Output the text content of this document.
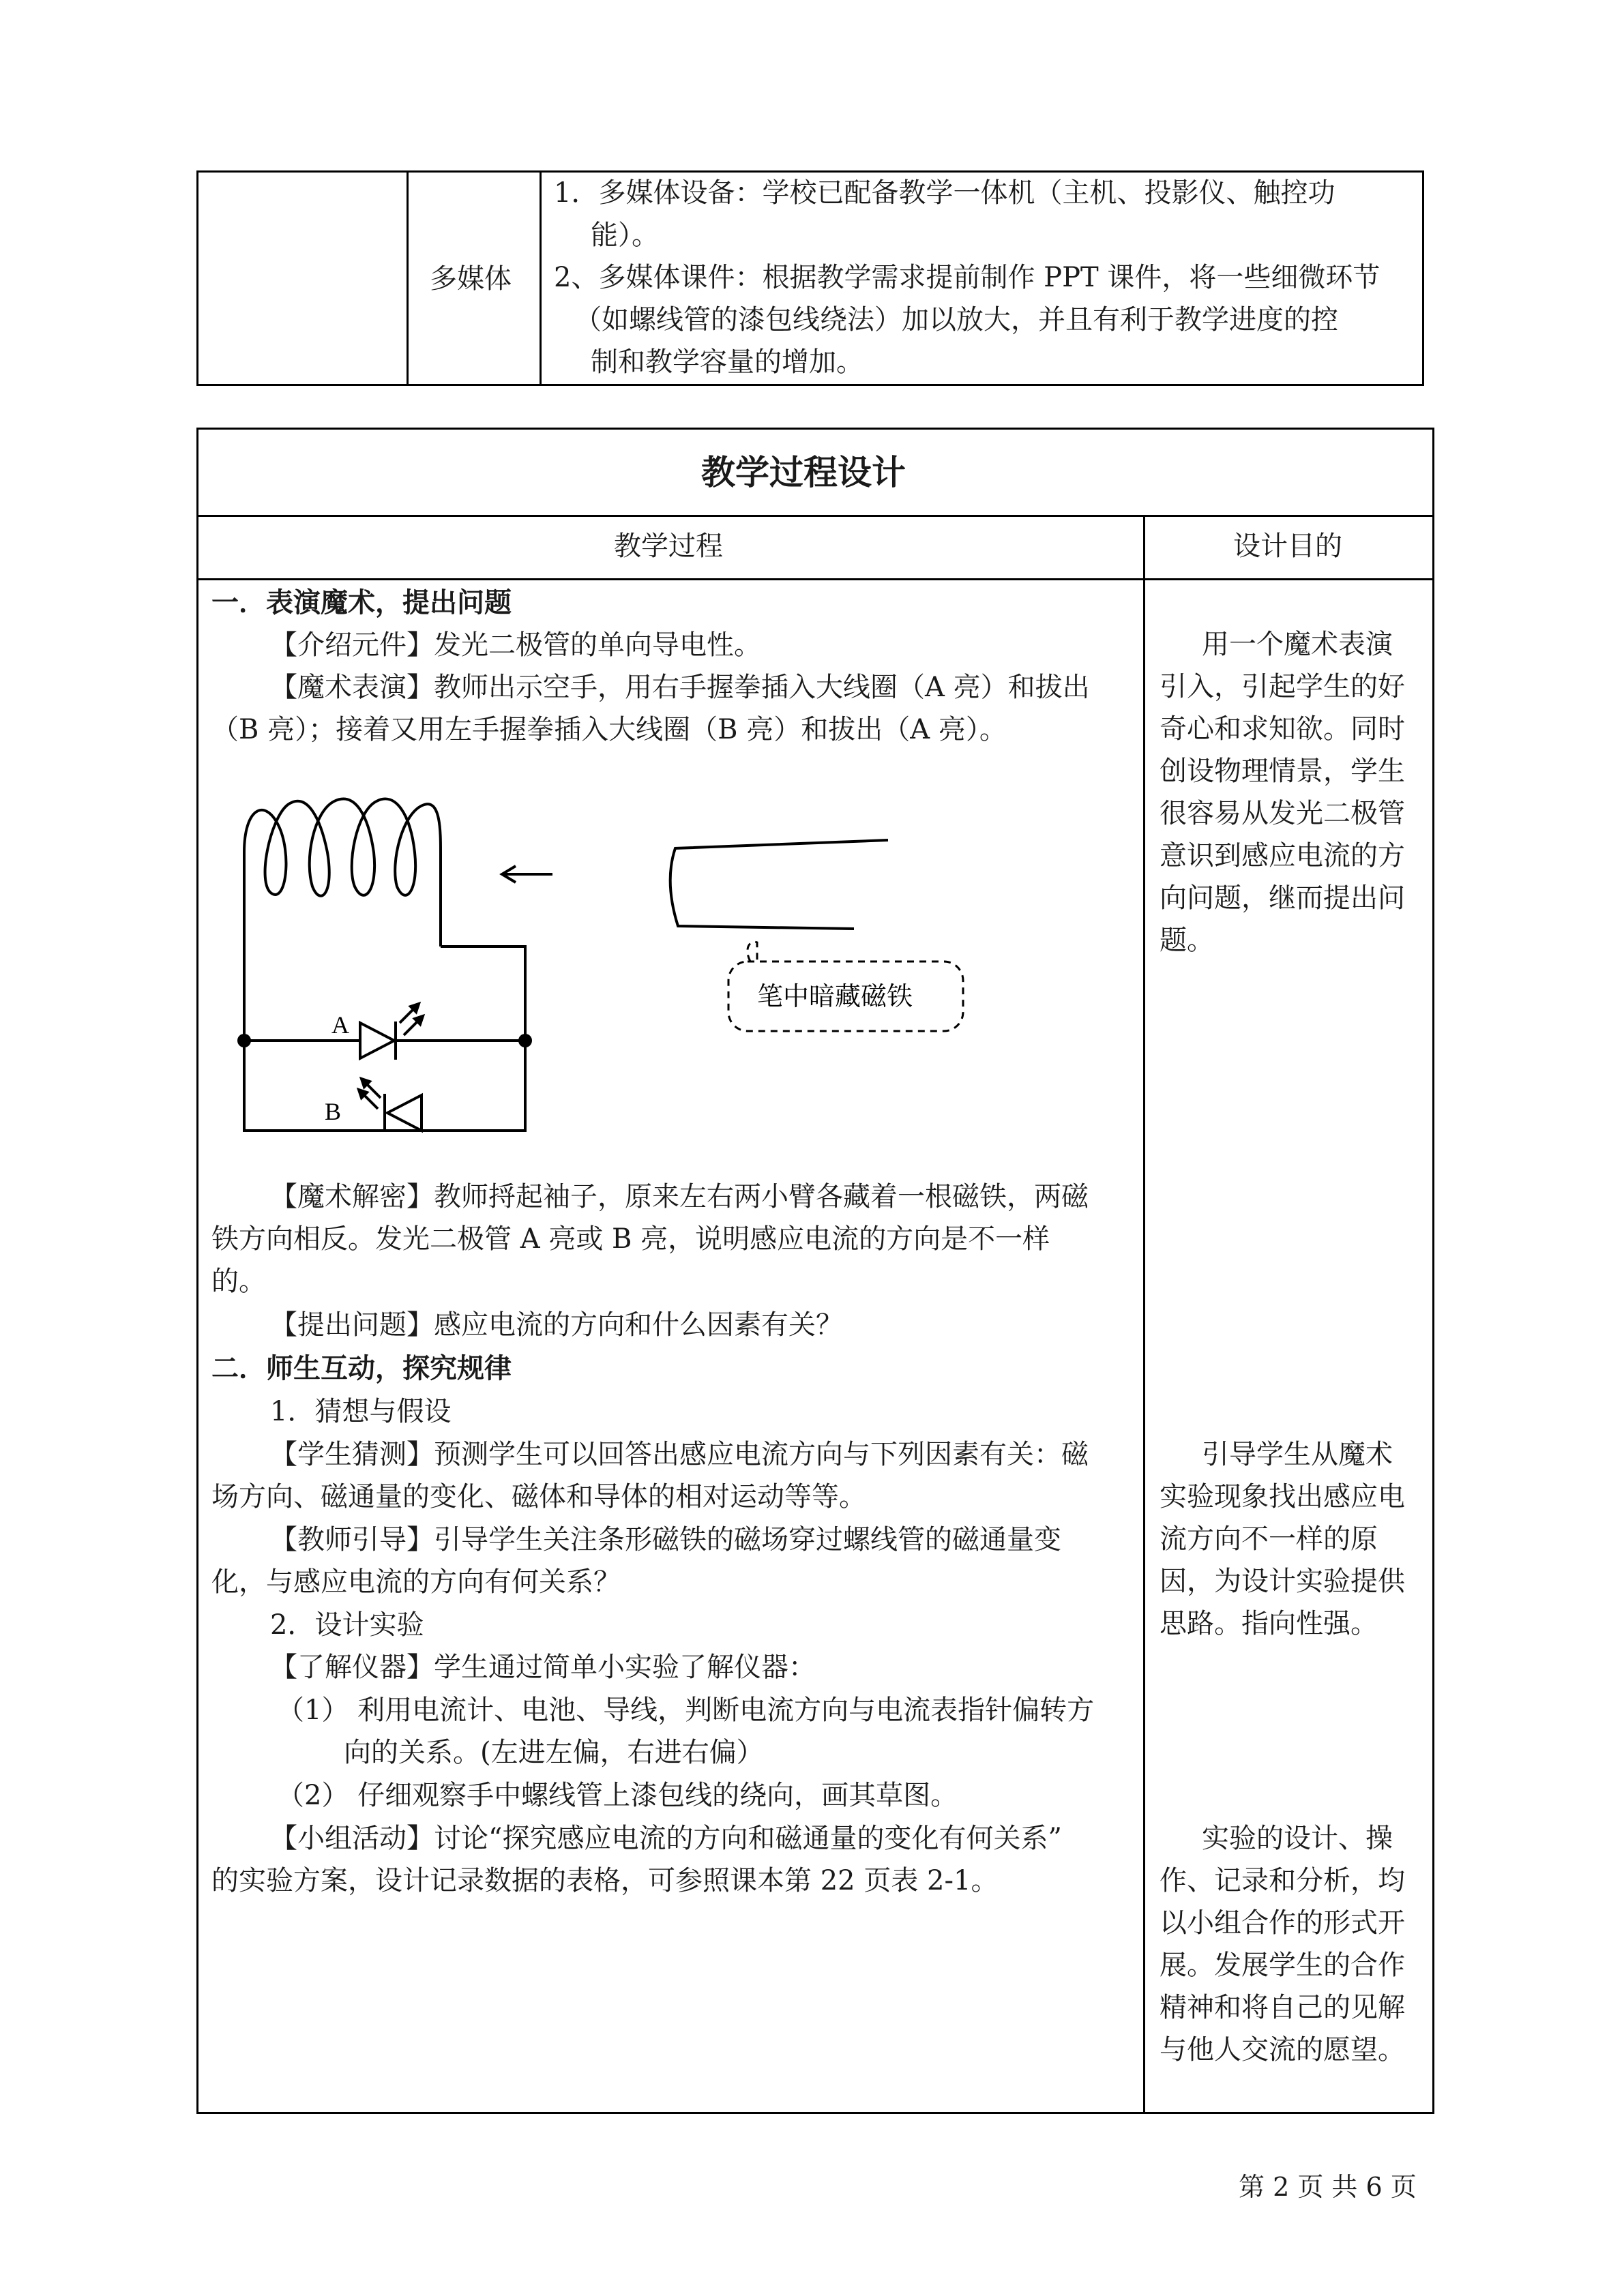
多媒体
1．多媒体设备：学校已配备教学一体机（主机、投影仪、触控功
能）。
2、多媒体课件：根据教学需求提前制作 PPT 课件，将一些细微环节
（如螺线管的漆包线绕法）加以放大，并且有利于教学进度的控
制和教学容量的增加。
教学过程设计
教学过程	设计目的
一．表演魔术，提出问题
【介绍元件】发光二极管的单向导电性。
【魔术表演】教师出示空手，用右手握拳插入大线圈（A 亮）和拔出
（B 亮）；接着又用左手握拳插入大线圈（B 亮）和拔出（A 亮）。
A
B
笔中暗藏磁铁
【魔术解密】教师捋起袖子，原来左右两小臂各藏着一根磁铁，两磁
铁方向相反。发光二极管 A 亮或 B 亮，说明感应电流的方向是不一样
的。
【提出问题】感应电流的方向和什么因素有关？
二．师生互动，探究规律
1．猜想与假设
【学生猜测】预测学生可以回答出感应电流方向与下列因素有关：磁
场方向、磁通量的变化、磁体和导体的相对运动等等。
【教师引导】引导学生关注条形磁铁的磁场穿过螺线管的磁通量变
化，与感应电流的方向有何关系？
2．设计实验
【了解仪器】学生通过简单小实验了解仪器：
（1） 利用电流计、电池、导线，判断电流方向与电流表指针偏转方
向的关系。(左进左偏，右进右偏）
（2） 仔细观察手中螺线管上漆包线的绕向，画其草图。
【小组活动】讨论“探究感应电流的方向和磁通量的变化有何关系”
的实验方案，设计记录数据的表格，可参照课本第 22 页表 2-1。
用一个魔术表演
引入，引起学生的好
奇心和求知欲。同时
创设物理情景，学生
很容易从发光二极管
意识到感应电流的方
向问题，继而提出问
题。
引导学生从魔术
实验现象找出感应电
流方向不一样的原
因，为设计实验提供
思路。指向性强。
实验的设计、操
作、记录和分析，均
以小组合作的形式开
展。发展学生的合作
精神和将自己的见解
与他人交流的愿望。
第 2 页 共 6 页
